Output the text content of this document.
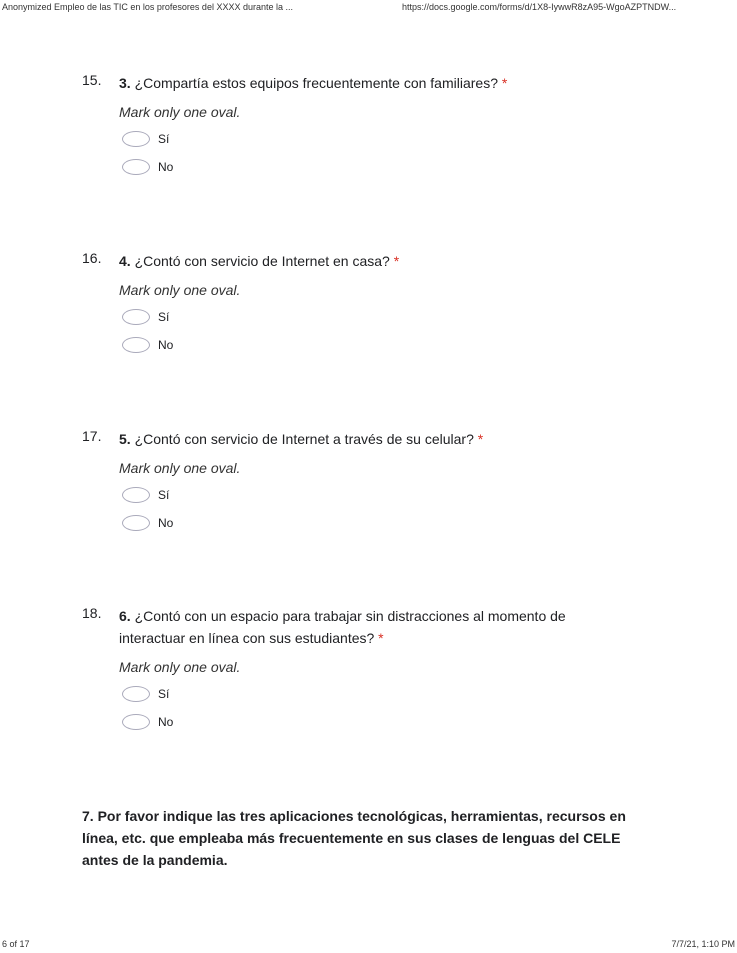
Anonymized Empleo de las TIC en los profesores del XXXX durante la ...	https://docs.google.com/forms/d/1X8-IywwR8zA95-WgoAZPTNDW...
15. 3. ¿Compartía estos equipos frecuentemente con familiares? *
Mark only one oval.
Sí
No
16. 4. ¿Contó con servicio de Internet en casa? *
Mark only one oval.
Sí
No
17. 5. ¿Contó con servicio de Internet a través de su celular? *
Mark only one oval.
Sí
No
18. 6. ¿Contó con un espacio para trabajar sin distracciones al momento de interactuar en línea con sus estudiantes? *
Mark only one oval.
Sí
No
7. Por favor indique las tres aplicaciones tecnológicas, herramientas, recursos en línea, etc. que empleaba más frecuentemente en sus clases de lenguas del CELE antes de la pandemia.
6 of 17	7/7/21, 1:10 PM
